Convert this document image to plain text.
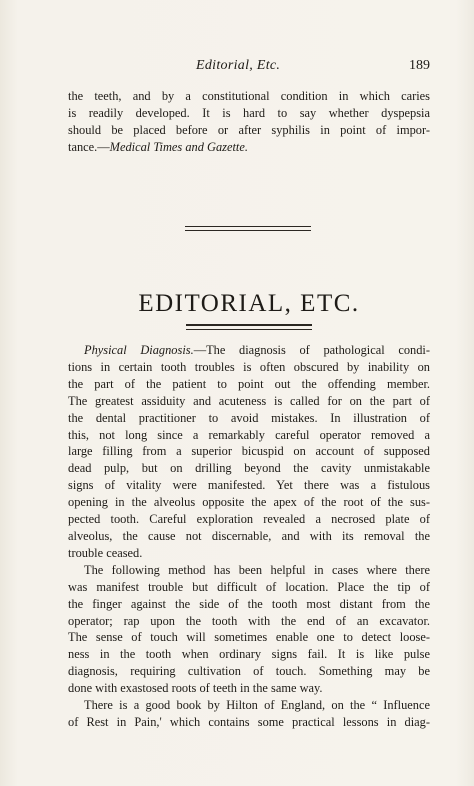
Editorial, Etc.	189
the teeth, and by a constitutional condition in which caries
is readily developed. It is hard to say whether dyspepsia
should be placed before or after syphilis in point of impor-
tance.—Medical Times and Gazette.
EDITORIAL, ETC.
Physical Diagnosis.—The diagnosis of pathological condi-
tions in certain tooth troubles is often obscured by inability on
the part of the patient to point out the offending member.
The greatest assiduity and acuteness is called for on the part of
the dental practitioner to avoid mistakes. In illustration of
this, not long since a remarkably careful operator removed a
large filling from a superior bicuspid on account of supposed
dead pulp, but on drilling beyond the cavity unmistakable
signs of vitality were manifested. Yet there was a fistulous
opening in the alveolus opposite the apex of the root of the sus-
pected tooth. Careful exploration revealed a necrosed plate of
alveolus, the cause not discernable, and with its removal the
trouble ceased.
The following method has been helpful in cases where there
was manifest trouble but difficult of location. Place the tip of
the finger against the side of the tooth most distant from the
operator; rap upon the tooth with the end of an excavator.
The sense of touch will sometimes enable one to detect loose-
ness in the tooth when ordinary signs fail. It is like pulse
diagnosis, requiring cultivation of touch. Something may be
done with exastosed roots of teeth in the same way.
There is a good book by Hilton of England, on the “ Influence
of Rest in Pain,' which contains some practical lessons in diag-
